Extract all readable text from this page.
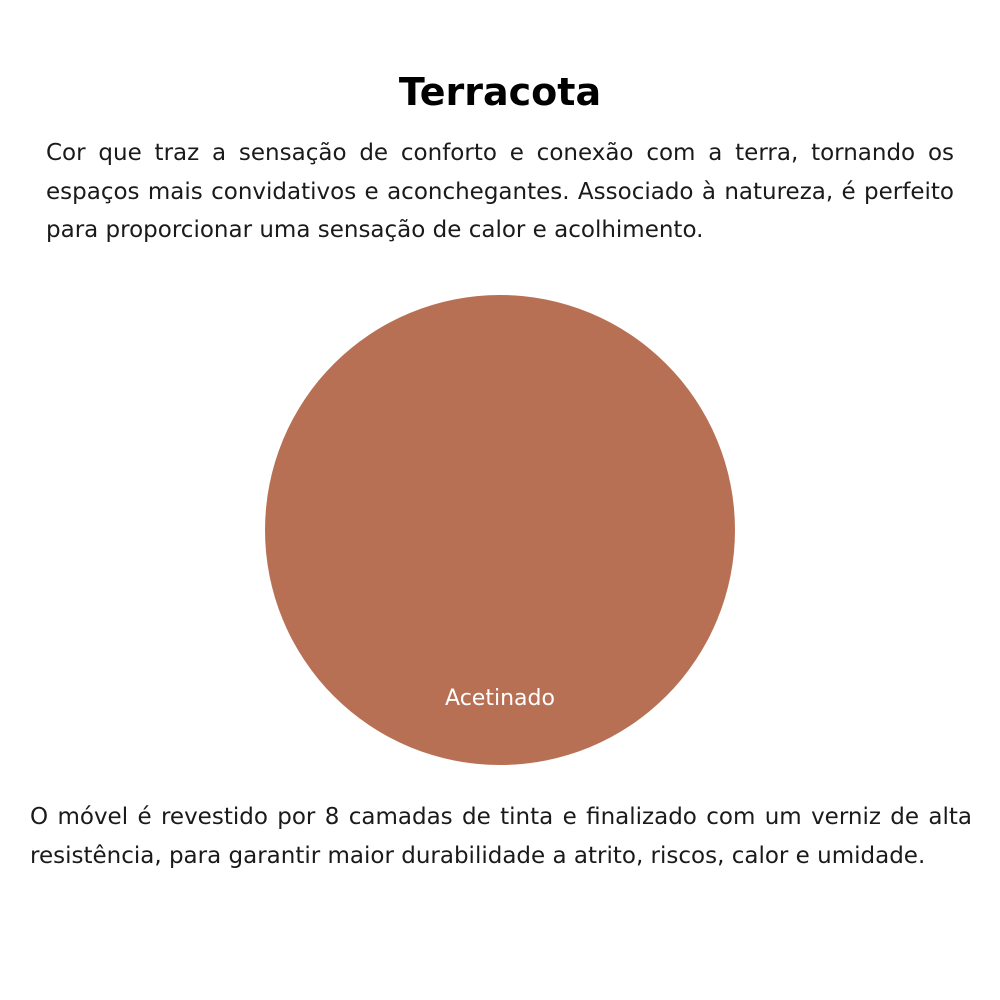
Terracota

Cor que traz a sensação de conforto e conexão com a terra, tornando os espaços mais convidativos e aconchegantes. Associado à natureza, é perfeito para proporcionar uma sensação de calor e acolhimento.

Acetinado

O móvel é revestido por 8 camadas de tinta e finalizado com um verniz de alta resistência, para garantir maior durabilidade a atrito, riscos, calor e umidade.
